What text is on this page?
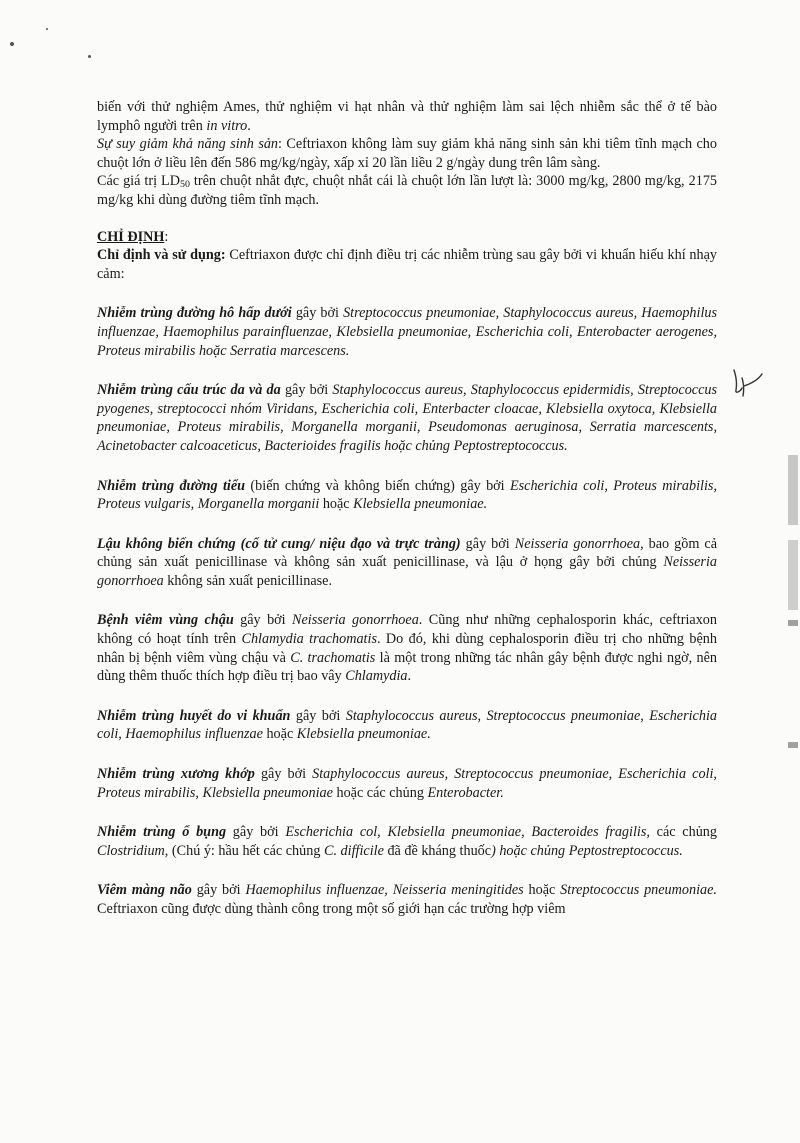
biến với thử nghiệm Ames, thử nghiệm vi hạt nhân và thử nghiệm làm sai lệch nhiễm sắc thể ở tế bào lymphô người trên in vitro.

Sự suy giảm khả năng sinh sản: Ceftriaxon không làm suy giảm khả năng sinh sản khi tiêm tĩnh mạch cho chuột lớn ở liều lên đến 586 mg/kg/ngày, xấp xỉ 20 lần liều 2 g/ngày dung trên lâm sàng.

Các giá trị $LD_{50}$ trên chuột nhắt đực, chuột nhắt cái là chuột lớn lần lượt là: 3000 mg/kg, 2800 mg/kg, 2175 mg/kg khi dùng đường tiêm tĩnh mạch.

CHỈ ĐỊNH:

Chỉ định và sử dụng: Ceftriaxon được chỉ định điều trị các nhiễm trùng sau gây bởi vi khuẩn hiếu khí nhạy cảm:

Nhiễm trùng đường hô hấp dưới gây bởi Streptococcus pneumoniae, Staphylococcus aureus, Haemophilus influenzae, Haemophilus parainfluenzae, Klebsiella pneumoniae, Escherichia coli, Enterobacter aerogenes, Proteus mirabilis hoặc Serratia marcescens.

Nhiễm trùng cấu trúc da và da gây bởi Staphylococcus aureus, Staphylococcus epidermidis, Streptococcus pyogenes, streptococci nhóm Viridans, Escherichia coli, Enterbacter cloacae, Klebsiella oxytoca, Klebsiella pneumoniae, Proteus mirabilis, Morganella morganii, Pseudomonas aeruginosa, Serratia marcescents, Acinetobacter calcoaceticus, Bacterioides fragilis hoặc chủng Peptostreptococcus.

Nhiễm trùng đường tiểu (biến chứng và không biến chứng) gây bởi Escherichia coli, Proteus mirabilis, Proteus vulgaris, Morganella morganii hoặc Klebsiella pneumoniae.

Lậu không biến chứng (cổ tử cung/ niệu đạo và trực tràng) gây bởi Neisseria gonorrhoea, bao gồm cả chủng sản xuất penicillinase và không sản xuất penicillinase, và lậu ở họng gây bởi chủng Neisseria gonorrhoea không sản xuất penicillinase.

Bệnh viêm vùng chậu gây bởi Neisseria gonorrhoea. Cũng như những cephalosporin khác, ceftriaxon không có hoạt tính trên Chlamydia trachomatis. Do đó, khi dùng cephalosporin điều trị cho những bệnh nhân bị bệnh viêm vùng chậu và C. trachomatis là một trong những tác nhân gây bệnh được nghi ngờ, nên dùng thêm thuốc thích hợp điều trị bao vây Chlamydia.

Nhiễm trùng huyết do vi khuẩn gây bởi Staphylococcus aureus, Streptococcus pneumoniae, Escherichia coli, Haemophilus influenzae hoặc Klebsiella pneumoniae.

Nhiễm trùng xương khớp gây bởi Staphylococcus aureus, Streptococcus pneumoniae, Escherichia coli, Proteus mirabilis, Klebsiella pneumoniae hoặc các chủng Enterobacter.

Nhiễm trùng ổ bụng gây bởi Escherichia col, Klebsiella pneumoniae, Bacteroides fragilis, các chủng Clostridium, (Chú ý: hầu hết các chủng C. difficile đã đề kháng thuốc) hoặc chủng Peptostreptococcus.

Viêm màng não gây bởi Haemophilus influenzae, Neisseria meningitides hoặc Streptococcus pneumoniae. Ceftriaxon cũng được dùng thành công trong một số giới hạn các trường hợp viêm
